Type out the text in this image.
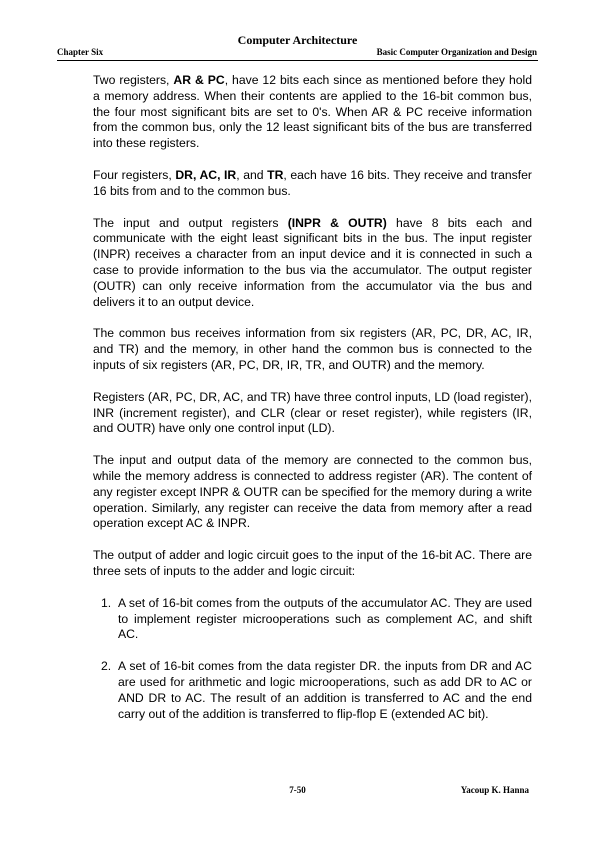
Computer Architecture
Chapter Six	Basic Computer Organization and Design

Two registers, AR & PC, have 12 bits each since as mentioned before they hold a memory address. When their contents are applied to the 16-bit common bus, the four most significant bits are set to 0's. When AR & PC receive information from the common bus, only the 12 least significant bits of the bus are transferred into these registers.

Four registers, DR, AC, IR, and TR, each have 16 bits. They receive and transfer 16 bits from and to the common bus.

The input and output registers (INPR & OUTR) have 8 bits each and communicate with the eight least significant bits in the bus. The input register (INPR) receives a character from an input device and it is connected in such a case to provide information to the bus via the accumulator. The output register (OUTR) can only receive information from the accumulator via the bus and delivers it to an output device.

The common bus receives information from six registers (AR, PC, DR, AC, IR, and TR) and the memory, in other hand the common bus is connected to the inputs of six registers (AR, PC, DR, IR, TR, and OUTR) and the memory.

Registers (AR, PC, DR, AC, and TR) have three control inputs, LD (load register), INR (increment register), and CLR (clear or reset register), while registers (IR, and OUTR) have only one control input (LD).

The input and output data of the memory are connected to the common bus, while the memory address is connected to address register (AR). The content of any register except INPR & OUTR can be specified for the memory during a write operation. Similarly, any register can receive the data from memory after a read operation except AC & INPR.

The output of adder and logic circuit goes to the input of the 16-bit AC. There are three sets of inputs to the adder and logic circuit:

1. A set of 16-bit comes from the outputs of the accumulator AC. They are used to implement register microoperations such as complement AC, and shift AC.
2. A set of 16-bit comes from the data register DR. the inputs from DR and AC are used for arithmetic and logic microoperations, such as add DR to AC or AND DR to AC. The result of an addition is transferred to AC and the end carry out of the addition is transferred to flip-flop E (extended AC bit).
7-50	Yacoup K. Hanna
